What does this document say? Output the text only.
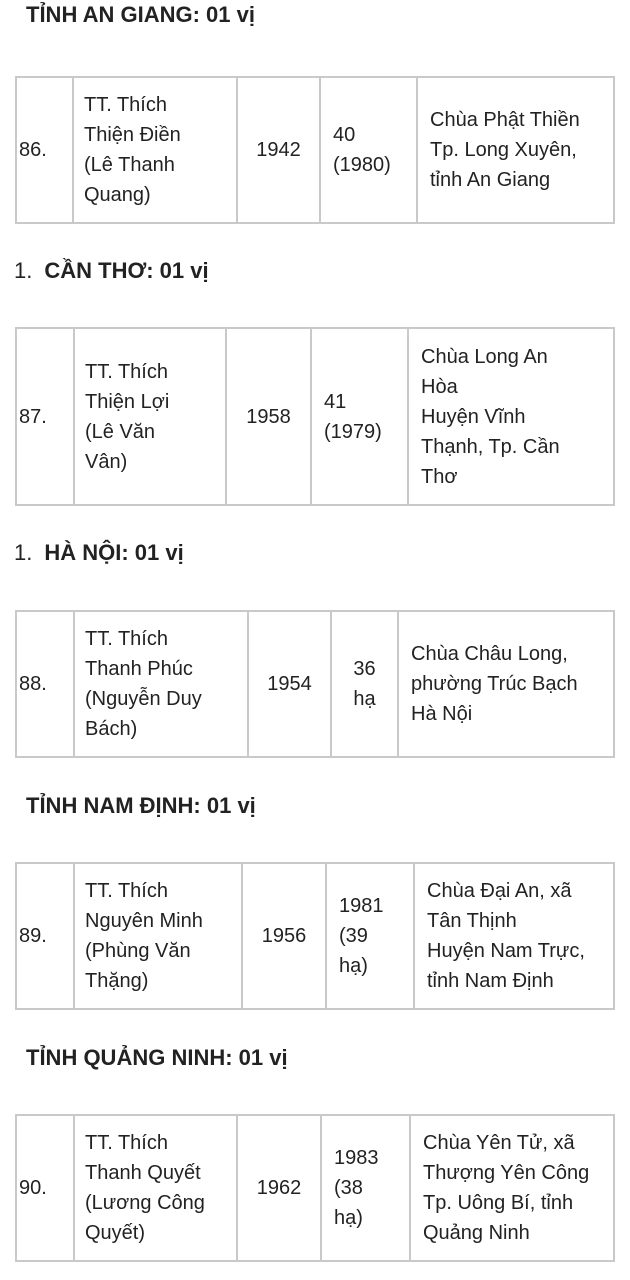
TỈNH AN GIANG: 01 vị
86.	TT. Thích
Thiện Điền
(Lê Thanh
Quang)	1942	40
(1980)	Chùa Phật Thiền
Tp. Long Xuyên,
tỉnh An Giang
1. CẦN THƠ: 01 vị
87.	TT. Thích
Thiện Lợi
(Lê Văn
Vân)	1958	41
(1979)	Chùa Long An
Hòa
Huyện Vĩnh
Thạnh, Tp. Cần
Thơ
1. HÀ NỘI: 01 vị
88.	TT. Thích
Thanh Phúc
(Nguyễn Duy
Bách)	1954	36
hạ	Chùa Châu Long,
phường Trúc Bạch
Hà Nội
TỈNH NAM ĐỊNH: 01 vị
89.	TT. Thích
Nguyên Minh
(Phùng Văn
Thặng)	1956	1981
(39
hạ)	Chùa Đại An, xã
Tân Thịnh
Huyện Nam Trực,
tỉnh Nam Định
TỈNH QUẢNG NINH: 01 vị
90.	TT. Thích
Thanh Quyết
(Lương Công
Quyết)	1962	1983
(38
hạ)	Chùa Yên Tử, xã
Thượng Yên Công
Tp. Uông Bí, tỉnh
Quảng Ninh
